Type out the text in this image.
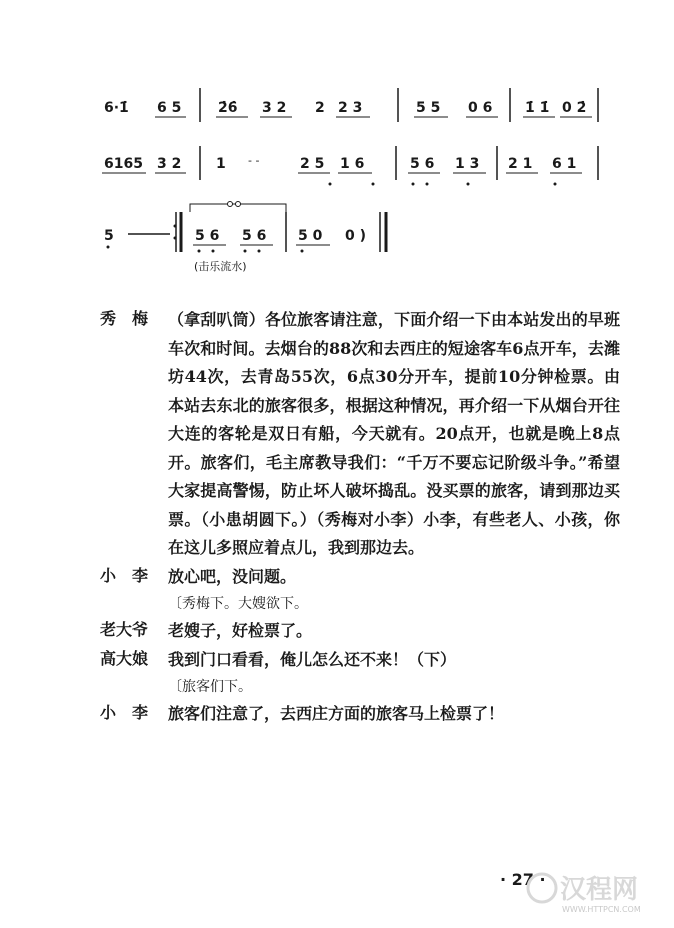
6·1̇ 6 5	2̇6̇ 3 2 2 2 3	5 5 0 6 1̇ 1̇ 0 2̇
6165 3 2 1 - -	2 5 1 6	5 6 1 3 2 1 6 1
5	5 6 5 6 5 0 0 )
(击乐流水)
秀　梅	（拿刮叭筒）各位旅客请注意，下面介绍一下由本站发出的早班车次和时间。去烟台的88次和去西庄的短途客车6点开车，去潍坊44次，去青岛55次，6点30分开车，提前10分钟检票。由本站去东北的旅客很多，根据这种情况，再介绍一下从烟台开往大连的客轮是双日有船，今天就有。20点开，也就是晚上8点开。旅客们，毛主席教导我们：“千万不要忘记阶级斗争。”希望大家提高警惕，防止坏人破坏捣乱。没买票的旅客，请到那边买票。（小患胡圆下。）（秀梅对小李）小李，有些老人、小孩，你在这儿多照应着点儿，我到那边去。
小　李	放心吧，没问题。
〔秀梅下。大嫂欲下。
老大爷	老嫂子，好检票了。
高大娘	我到门口看看，俺儿怎么还不来！（下）
〔旅客们下。
小　李	旅客们注意了，去西庄方面的旅客马上检票了！
· 27 · 汉程网
WWW.HTTPCN.COM
